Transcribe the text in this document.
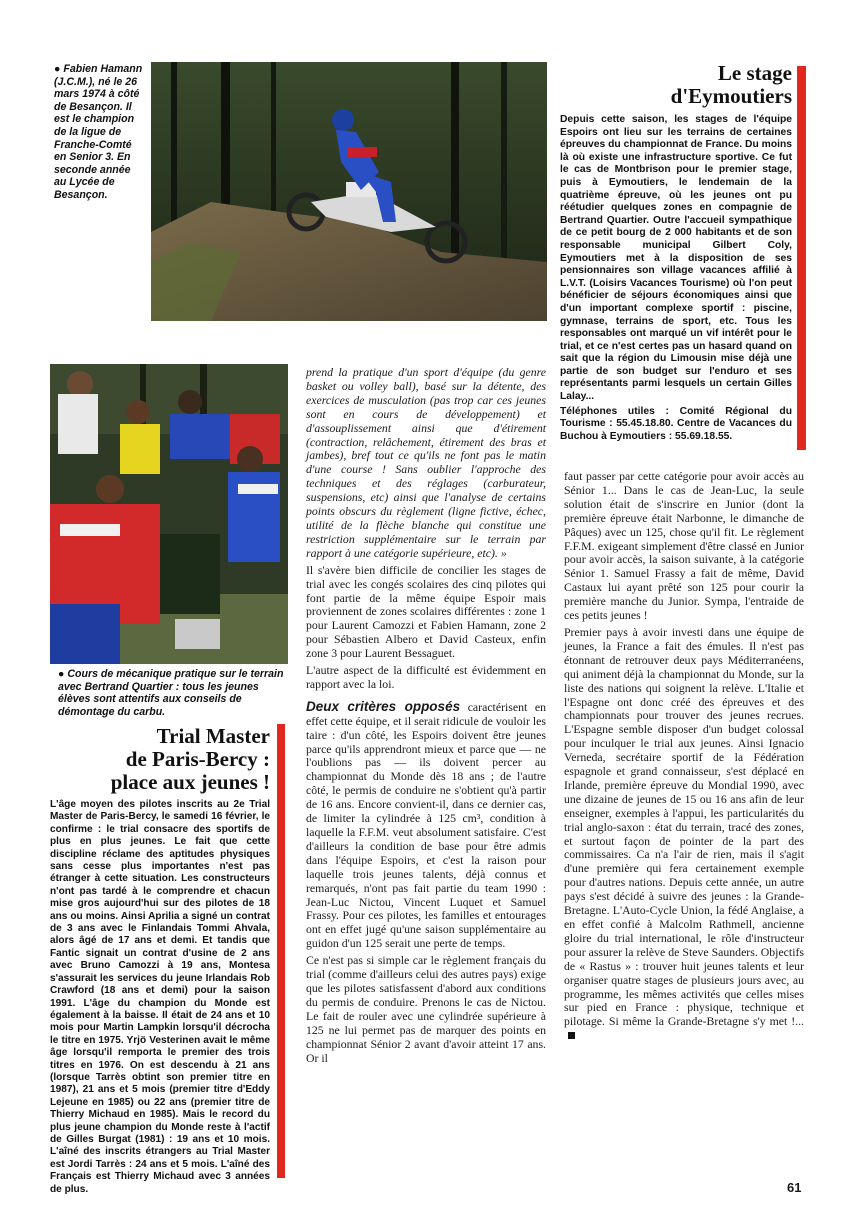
● Fabien Hamann (J.C.M.), né le 26 mars 1974 à côté de Besançon. Il est le champion de la ligue de Franche-Comté en Senior 3. En seconde année au Lycée de Besançon.
Le stage
d'Eymoutiers
Depuis cette saison, les stages de l'équipe Espoirs ont lieu sur les terrains de certaines épreuves du championnat de France. Du moins là où existe une infrastructure sportive. Ce fut le cas de Montbrison pour le premier stage, puis à Eymoutiers, le lendemain de la quatrième épreuve, où les jeunes ont pu réétudier quelques zones en compagnie de Bertrand Quartier. Outre l'accueil sympathique de ce petit bourg de 2 000 habitants et de son responsable municipal Gilbert Coly, Eymoutiers met à la disposition de ses pensionnaires son village vacances affilié à L.V.T. (Loisirs Vacances Tourisme) où l'on peut bénéficier de séjours économiques ainsi que d'un important complexe sportif : piscine, gymnase, terrains de sport, etc. Tous les responsables ont marqué un vif intérêt pour le trial, et ce n'est certes pas un hasard quand on sait que la région du Limousin mise déjà une partie de son budget sur l'enduro et ses représentants parmi lesquels un certain Gilles Lalay...
Téléphones utiles : Comité Régional du Tourisme : 55.45.18.80. Centre de Vacances du Buchou à Eymoutiers : 55.69.18.55.
● Cours de mécanique pratique sur le terrain avec Bertrand Quartier : tous les jeunes élèves sont attentifs aux conseils de démontage du carbu.
Trial Master
de Paris-Bercy :
place aux jeunes !
L'âge moyen des pilotes inscrits au 2e Trial Master de Paris-Bercy, le samedi 16 février, le confirme : le trial consacre des sportifs de plus en plus jeunes. Le fait que cette discipline réclame des aptitudes physiques sans cesse plus importantes n'est pas étranger à cette situation. Les constructeurs n'ont pas tardé à le comprendre et chacun mise gros aujourd'hui sur des pilotes de 18 ans ou moins. Ainsi Aprilia a signé un contrat de 3 ans avec le Finlandais Tommi Ahvala, alors âgé de 17 ans et demi. Et tandis que Fantic signait un contrat d'usine de 2 ans avec Bruno Camozzi à 19 ans, Montesa s'assurait les services du jeune Irlandais Rob Crawford (18 ans et demi) pour la saison 1991. L'âge du champion du Monde est également à la baisse. Il était de 24 ans et 10 mois pour Martin Lampkin lorsqu'il décrocha le titre en 1975. Yrjö Vesterinen avait le même âge lorsqu'il remporta le premier des trois titres en 1976. On est descendu à 21 ans (lorsque Tarrès obtint son premier titre en 1987), 21 ans et 5 mois (premier titre d'Eddy Lejeune en 1985) ou 22 ans (premier titre de Thierry Michaud en 1985). Mais le record du plus jeune champion du Monde reste à l'actif de Gilles Burgat (1981) : 19 ans et 10 mois. L'aîné des inscrits étrangers au Trial Master est Jordi Tarrès : 24 ans et 5 mois. L'aîné des Français est Thierry Michaud avec 3 années de plus.

prend la pratique d'un sport d'équipe (du genre basket ou volley ball), basé sur la détente, des exercices de musculation (pas trop car ces jeunes sont en cours de développement) et d'assouplissement ainsi que d'étirement (contraction, relâchement, étirement des bras et jambes), bref tout ce qu'ils ne font pas le matin d'une course ! Sans oublier l'approche des techniques et des réglages (carburateur, suspensions, etc) ainsi que l'analyse de certains points obscurs du règlement (ligne fictive, échec, utilité de la flèche blanche qui constitue une restriction supplémentaire sur le terrain par rapport à une catégorie supérieure, etc). »

Il s'avère bien difficile de concilier les stages de trial avec les congés scolaires des cinq pilotes qui font partie de la même équipe Espoir mais proviennent de zones scolaires différentes : zone 1 pour Laurent Camozzi et Fabien Hamann, zone 2 pour Sébastien Albero et David Casteux, enfin zone 3 pour Laurent Bessaguet.

L'autre aspect de la difficulté est évidemment en rapport avec la loi.

Deux critères opposés caractérisent en effet cette équipe, et il serait ridicule de vouloir les taire : d'un côté, les Espoirs doivent être jeunes parce qu'ils apprendront mieux et parce que — ne l'oublions pas — ils doivent percer au championnat du Monde dès 18 ans ; de l'autre côté, le permis de conduire ne s'obtient qu'à partir de 16 ans. Encore convient-il, dans ce dernier cas, de limiter la cylindrée à 125 cm³, condition à laquelle la F.F.M. veut absolument satisfaire. C'est d'ailleurs la condition de base pour être admis dans l'équipe Espoirs, et c'est la raison pour laquelle trois jeunes talents, déjà connus et remarqués, n'ont pas fait partie du team 1990 : Jean-Luc Nictou, Vincent Luquet et Samuel Frassy. Pour ces pilotes, les familles et entourages ont en effet jugé qu'une saison supplémentaire au guidon d'un 125 serait une perte de temps.

Ce n'est pas si simple car le règlement français du trial (comme d'ailleurs celui des autres pays) exige que les pilotes satisfassent d'abord aux conditions du permis de conduire. Prenons le cas de Nictou. Le fait de rouler avec une cylindrée supérieure à 125 ne lui permet pas de marquer des points en championnat Sénior 2 avant d'avoir atteint 17 ans. Or il

faut passer par cette catégorie pour avoir accès au Sénior 1... Dans le cas de Jean-Luc, la seule solution était de s'inscrire en Junior (dont la première épreuve était Narbonne, le dimanche de Pâques) avec un 125, chose qu'il fit. Le règlement F.F.M. exigeant simplement d'être classé en Junior pour avoir accès, la saison suivante, à la catégorie Sénior 1. Samuel Frassy a fait de même, David Castaux lui ayant prêté son 125 pour courir la première manche du Junior. Sympa, l'entraide de ces petits jeunes !

Premier pays à avoir investi dans une équipe de jeunes, la France a fait des émules. Il n'est pas étonnant de retrouver deux pays Méditerranéens, qui animent déjà la championnat du Monde, sur la liste des nations qui soignent la relève. L'Italie et l'Espagne ont donc créé des épreuves et des championnats pour trouver des jeunes recrues. L'Espagne semble disposer d'un budget colossal pour inculquer le trial aux jeunes. Ainsi Ignacio Verneda, secrétaire sportif de la Fédération espagnole et grand connaisseur, s'est déplacé en Irlande, première épreuve du Mondial 1990, avec une dizaine de jeunes de 15 ou 16 ans afin de leur enseigner, exemples à l'appui, les particularités du trial anglo-saxon : état du terrain, tracé des zones, et surtout façon de pointer de la part des commissaires. Ca n'a l'air de rien, mais il s'agit d'une première qui fera certainement exemple pour d'autres nations. Depuis cette année, un autre pays s'est décidé à suivre des jeunes : la Grande-Bretagne. L'Auto-Cycle Union, la fédé Anglaise, a en effet confié à Malcolm Rathmell, ancienne gloire du trial international, le rôle d'instructeur pour assurer la relève de Steve Saunders. Objectifs de « Rastus » : trouver huit jeunes talents et leur organiser quatre stages de plusieurs jours avec, au programme, les mêmes activités que celles mises sur pied en France : physique, technique et pilotage. Si même la Grande-Bretagne s'y met !...

61
